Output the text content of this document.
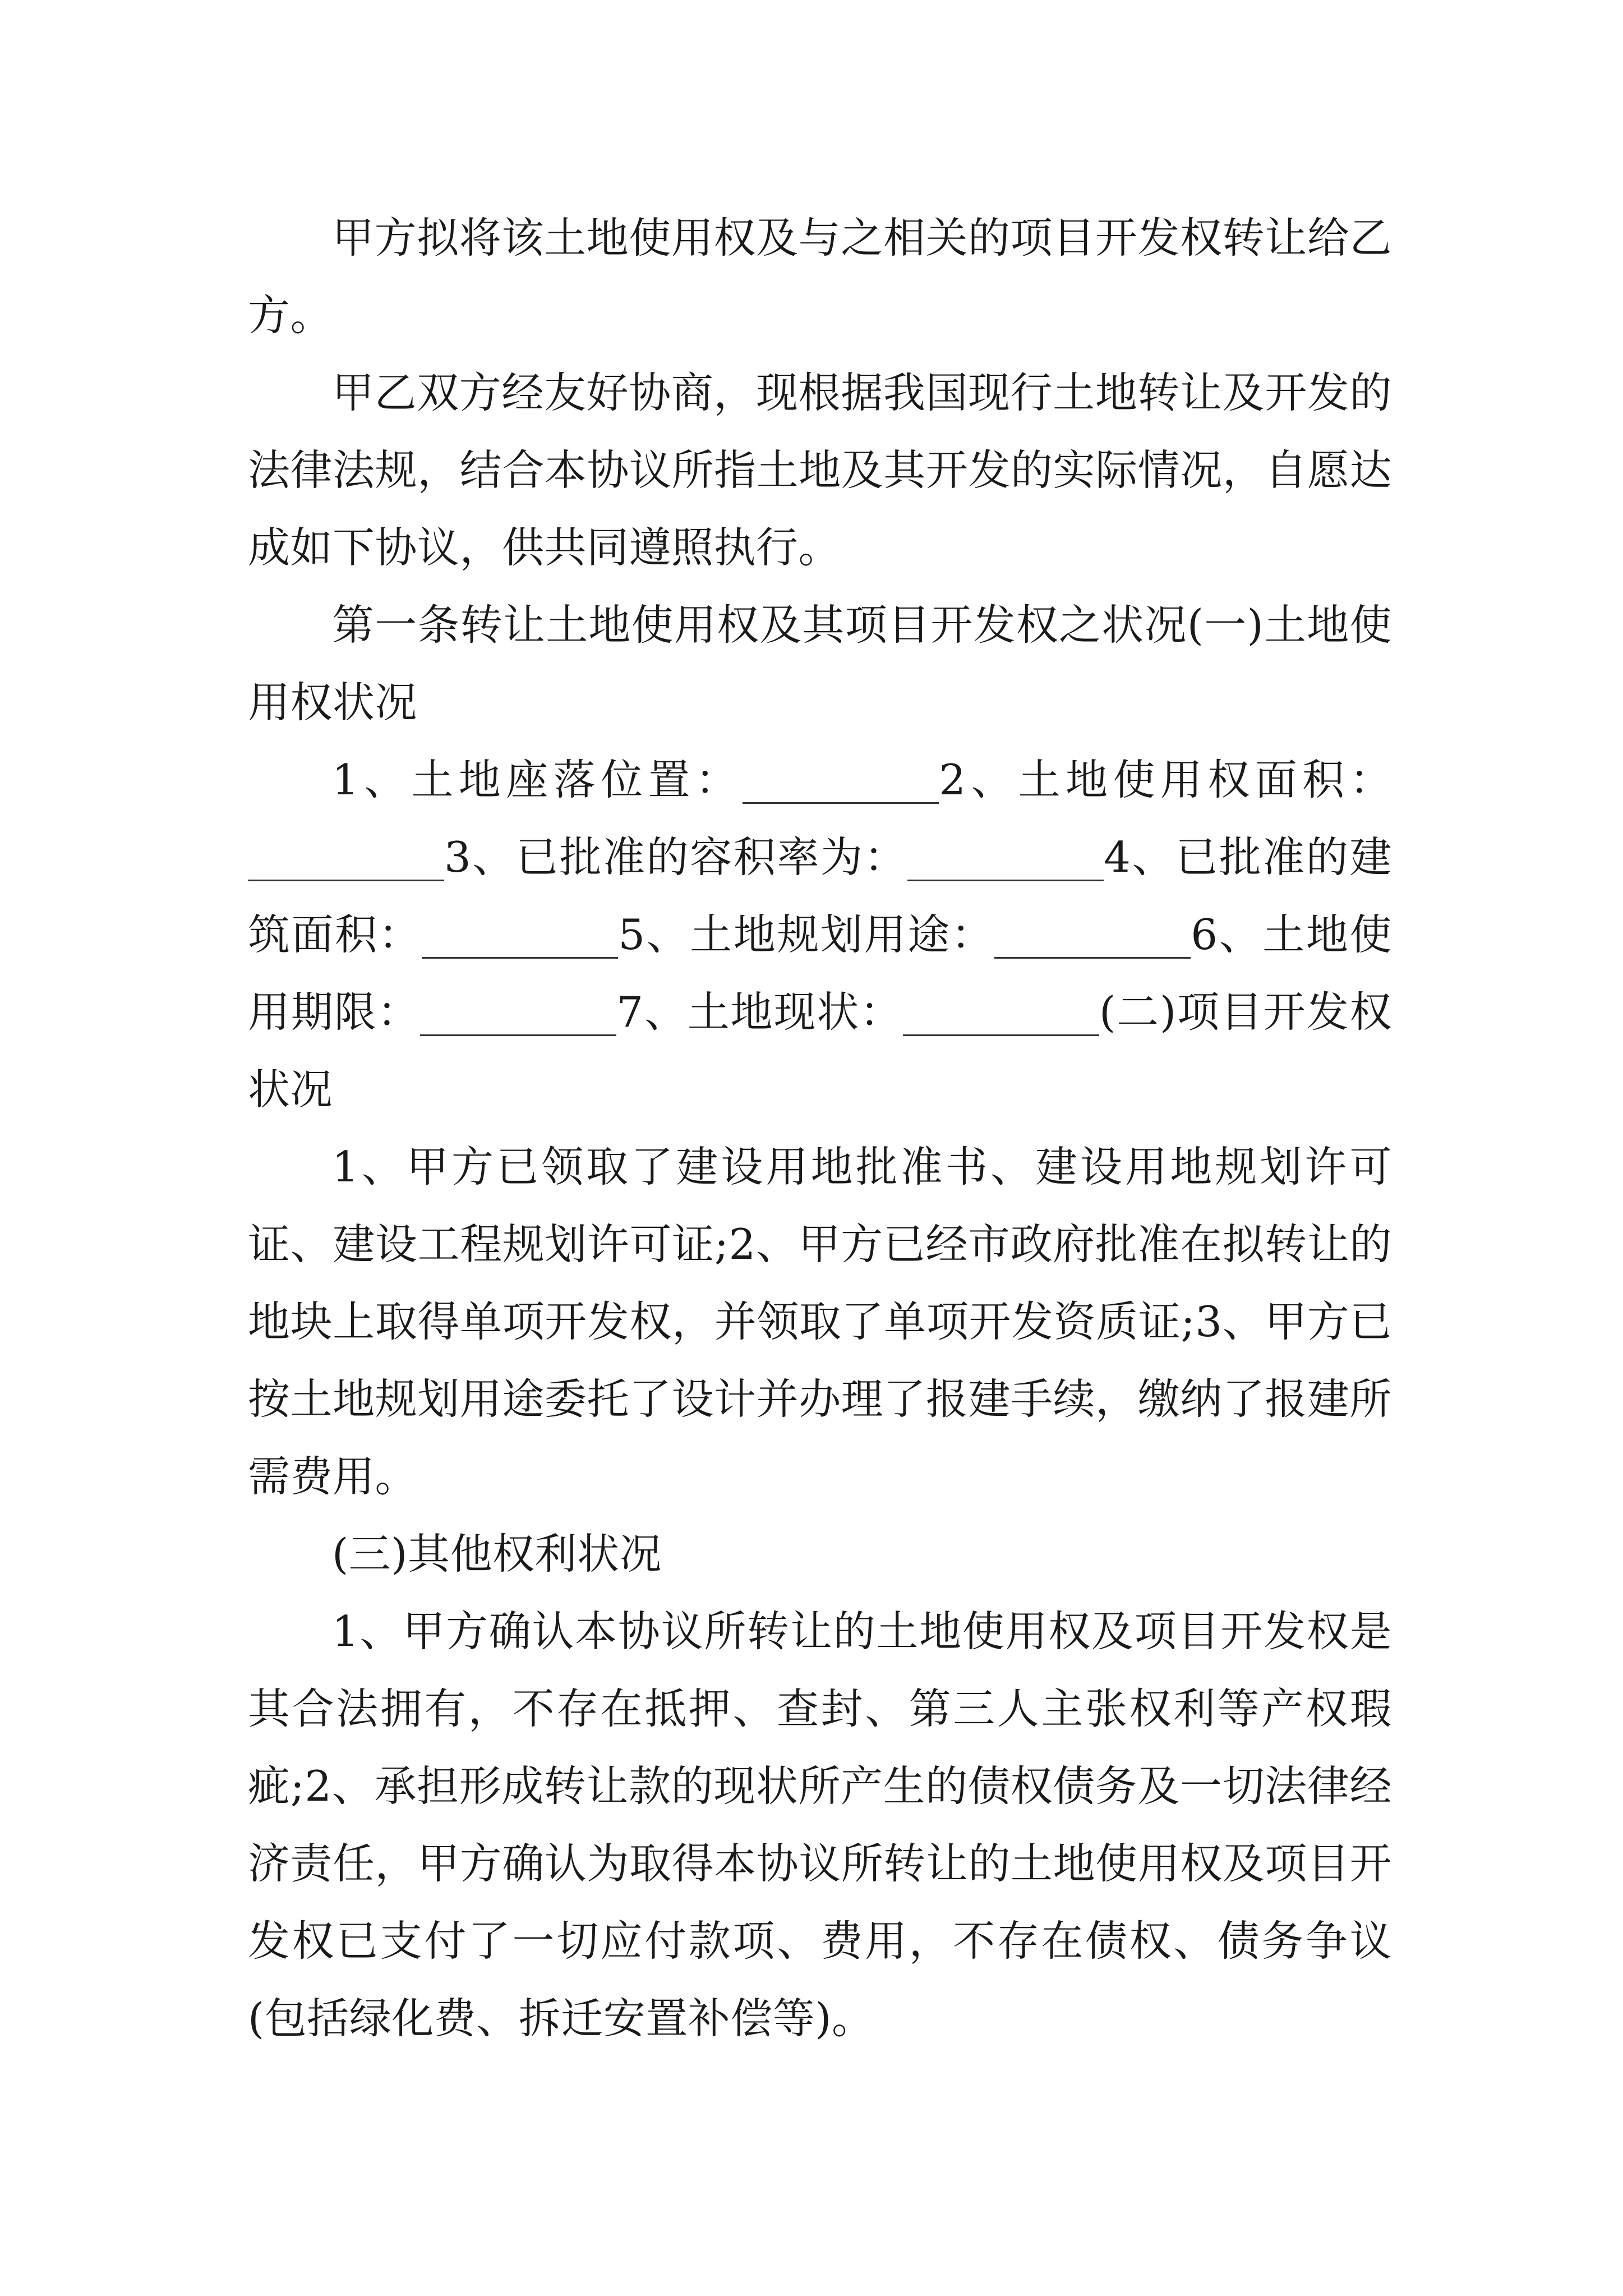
甲方拟将该土地使用权及与之相关的项目开发权转让给乙方。

甲乙双方经友好协商，现根据我国现行土地转让及开发的法律法规，结合本协议所指土地及其开发的实际情况，自愿达成如下协议，供共同遵照执行。

第一条转让土地使用权及其项目开发权之状况(一)土地使用权状况

1、土地座落位置：	2、土地使用权面积：3、已批准的容积率为：	4、已批准的建筑面积：	5、土地规划用途：	6、土地使用期限：	7、土地现状：	(二)项目开发权状况

1、甲方已领取了建设用地批准书、建设用地规划许可证、建设工程规划许可证;2、甲方已经市政府批准在拟转让的地块上取得单项开发权，并领取了单项开发资质证;3、甲方已按土地规划用途委托了设计并办理了报建手续，缴纳了报建所需费用。

(三)其他权利状况

1、甲方确认本协议所转让的土地使用权及项目开发权是其合法拥有，不存在抵押、查封、第三人主张权利等产权瑕疵;2、承担形成转让款的现状所产生的债权债务及一切法律经济责任，甲方确认为取得本协议所转让的土地使用权及项目开发权已支付了一切应付款项、费用，不存在债权、债务争议(包括绿化费、拆迁安置补偿等)。
